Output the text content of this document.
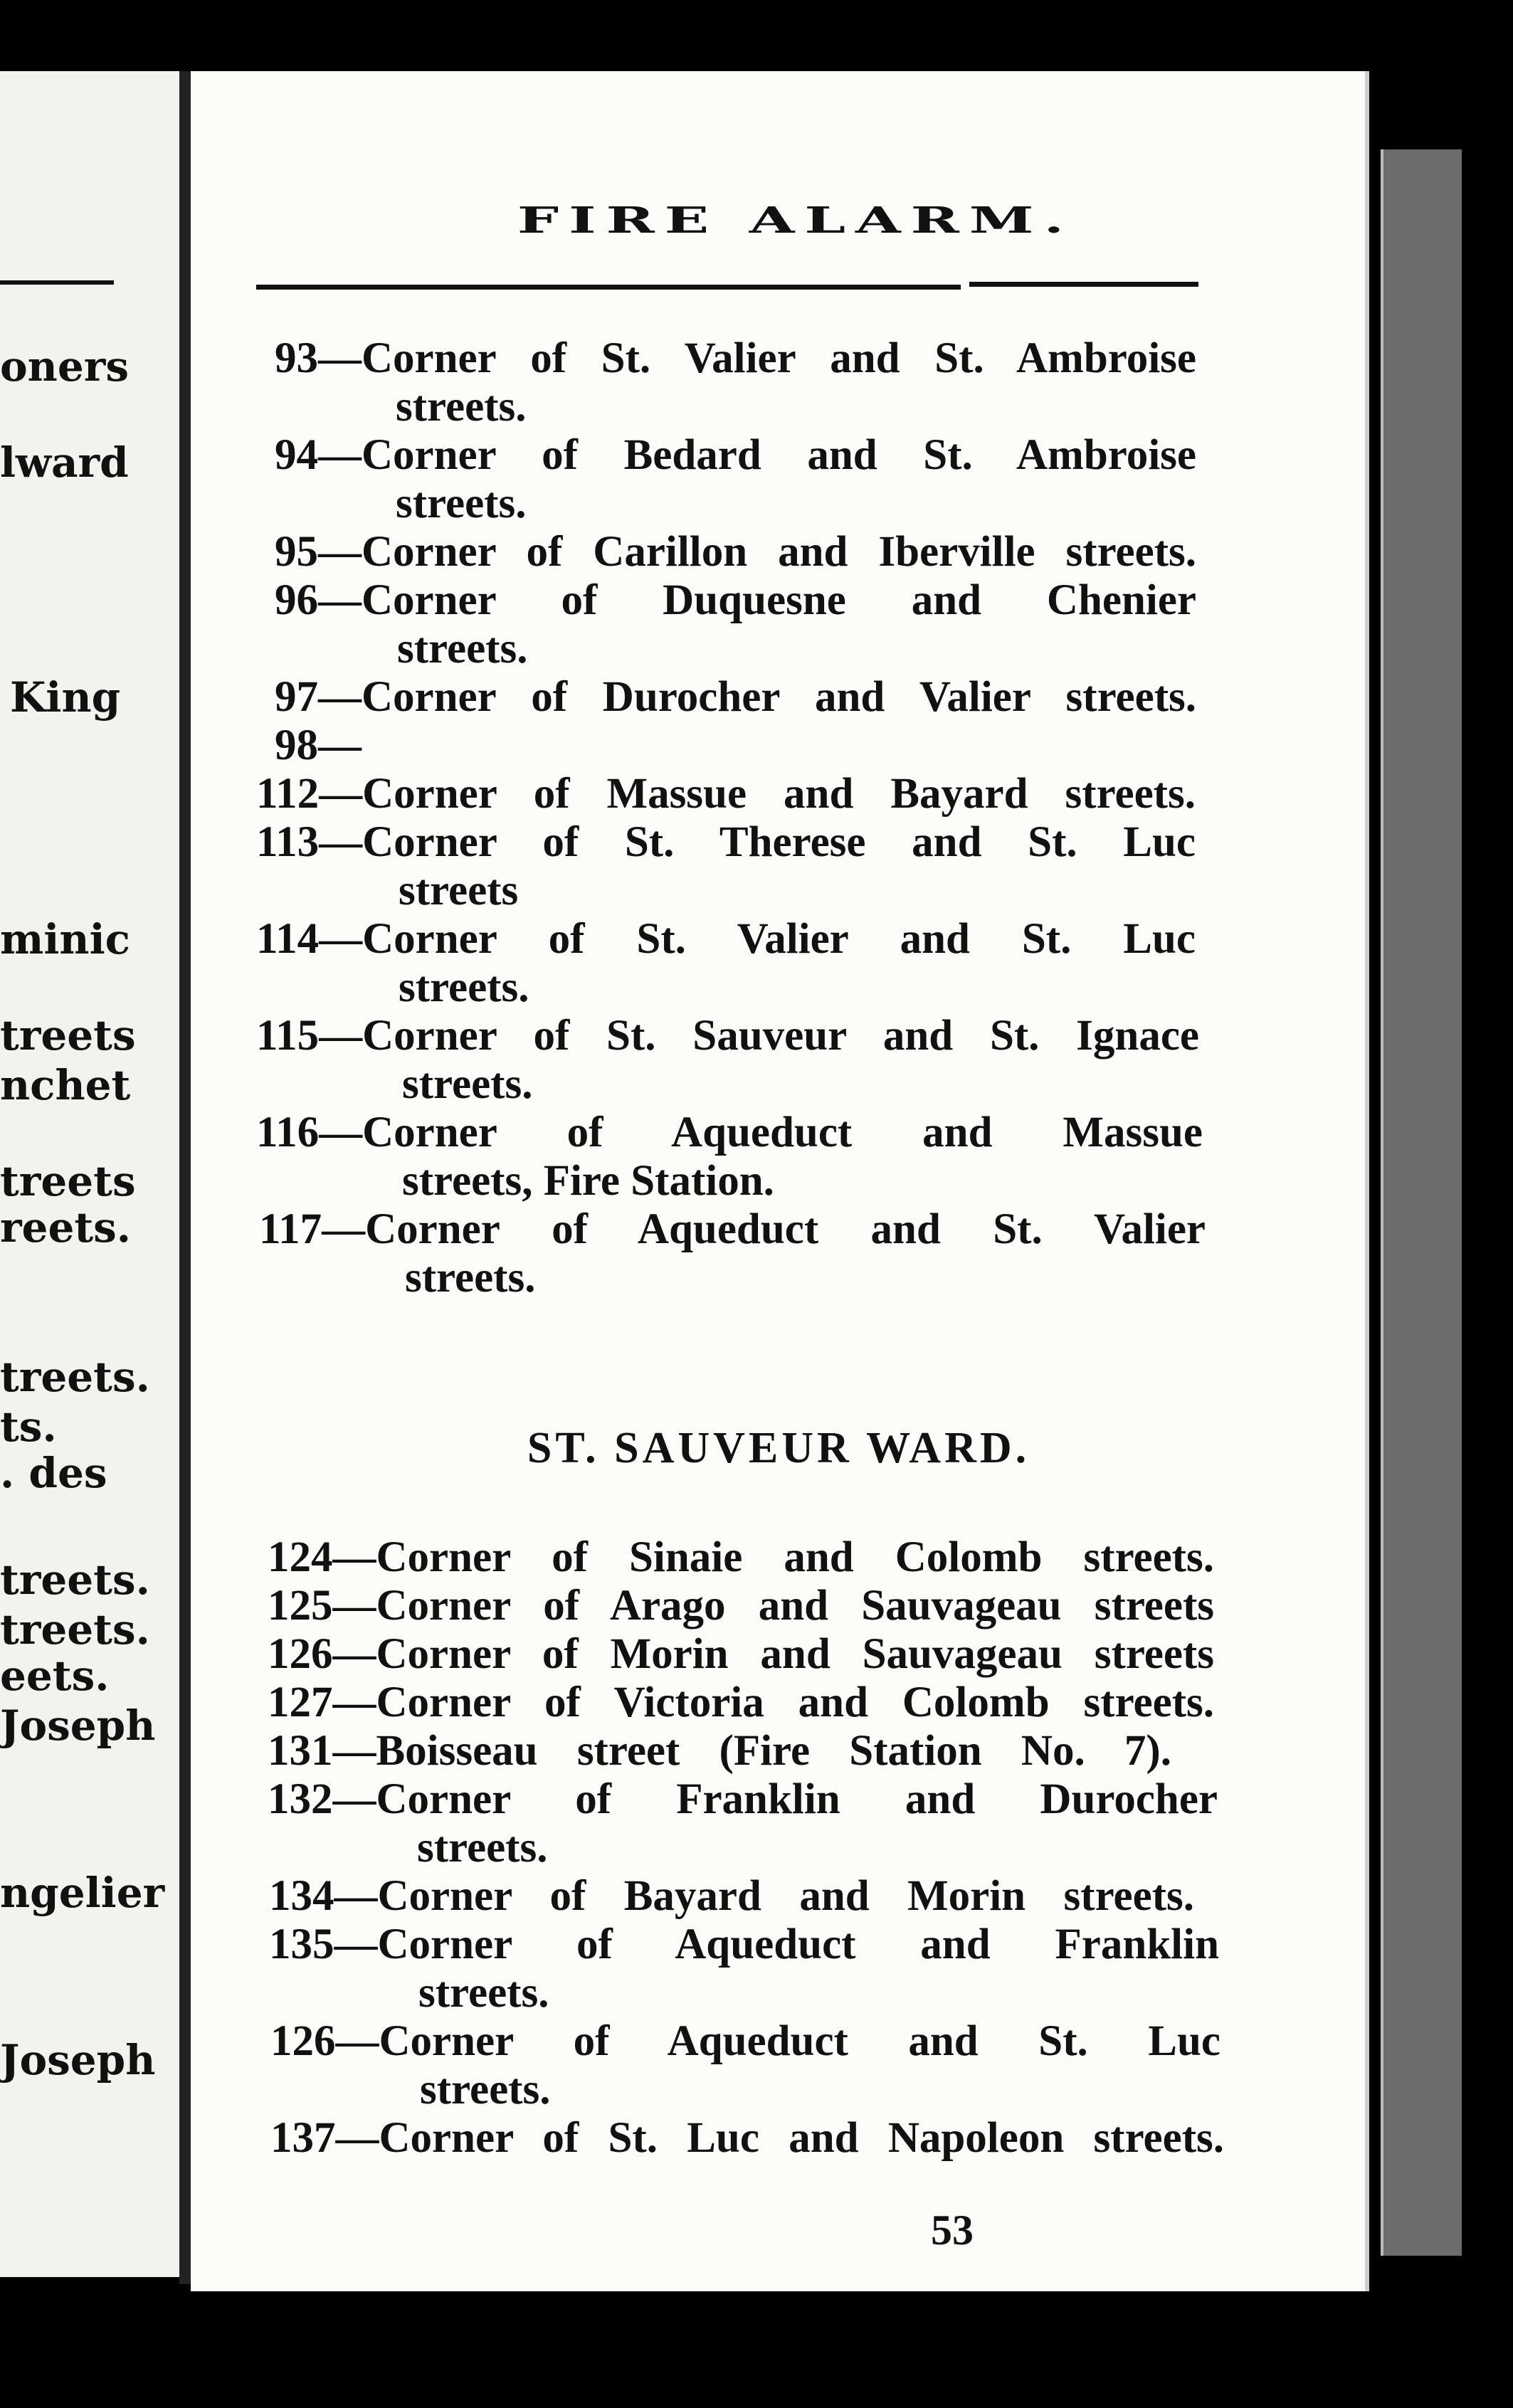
oners
lward
King
minic
treets
nchet
treets
reets.
treets.
ts.
. des
treets.
treets.
eets.
Joseph
ngelier
Joseph
FIRE ALARM.
93—Corner of St. Valier and St. Ambroise
streets.
94—Corner of Bedard and St. Ambroise
streets.
95—Corner of Carillon and Iberville streets.
96—Corner of Duquesne and Chenier
streets.
97—Corner of Durocher and Valier streets.
98—
112—Corner of Massue and Bayard streets.
113—Corner of St. Therese and St. Luc
streets
114—Corner of St. Valier and St. Luc
streets.
115—Corner of St. Sauveur and St. Ignace
streets.
116—Corner of Aqueduct and Massue
streets, Fire Station.
117—Corner of Aqueduct and St. Valier
streets.
ST. SAUVEUR WARD.
124—Corner of Sinaie and Colomb streets.
125—Corner of Arago and Sauvageau streets
126—Corner of Morin and Sauvageau streets
127—Corner of Victoria and Colomb streets.
131—Boisseau street (Fire Station No. 7).
132—Corner of Franklin and Durocher
streets.
134—Corner of Bayard and Morin streets.
135—Corner of Aqueduct and Franklin
streets.
126—Corner of Aqueduct and St. Luc
streets.
137—Corner of St. Luc and Napoleon streets.
53
